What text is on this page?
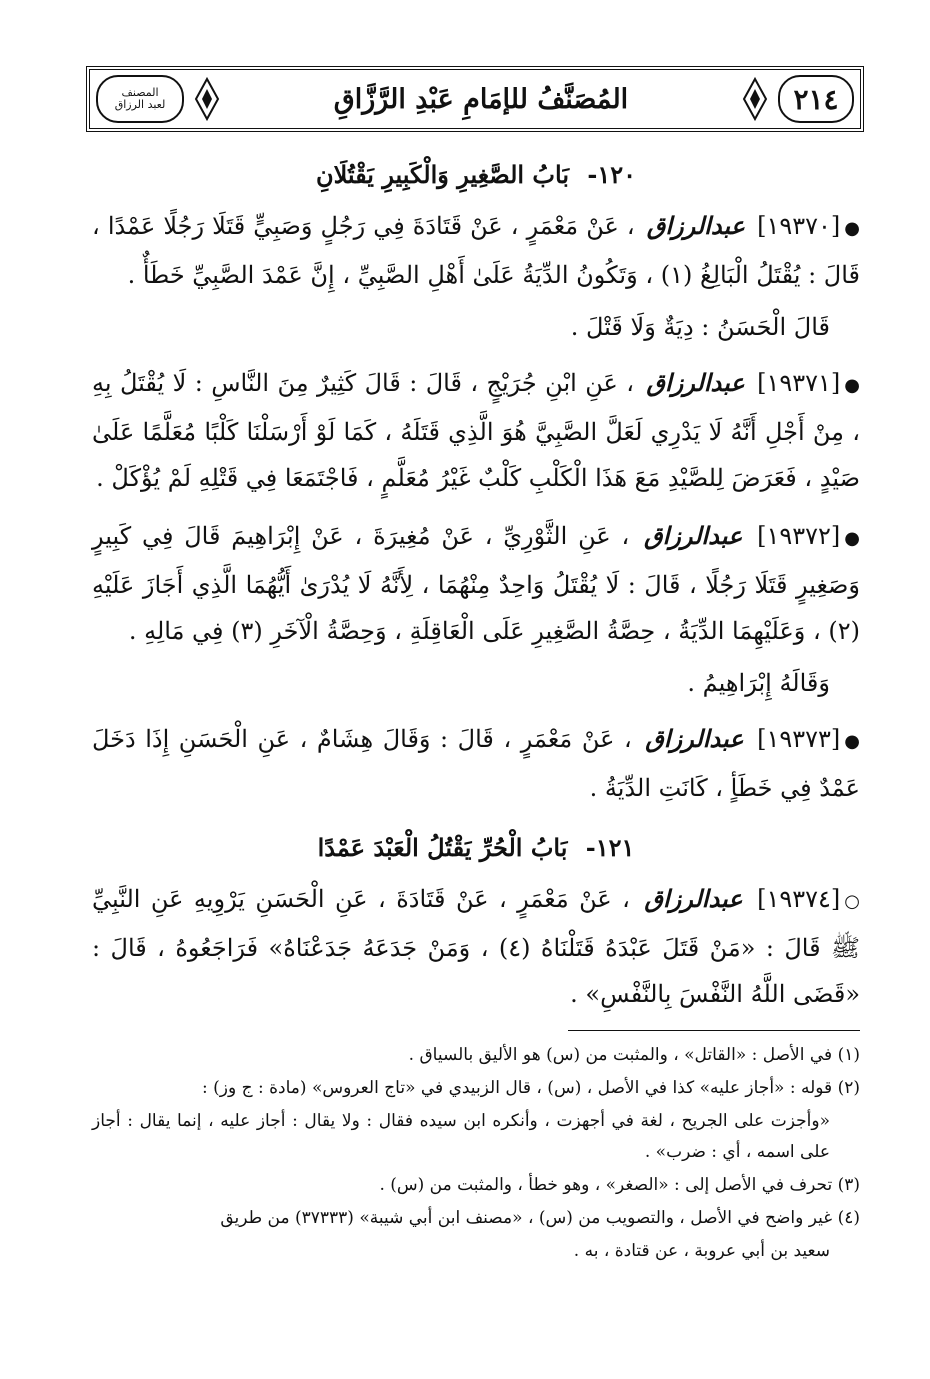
المصنف
لعبد الرزاق	المُصَنَّفُ للإمَامِ عَبْدِ الرَّزَّاقِ	٢١٤
١٢٠- بَابُ الصَّغِيرِ وَالْكَبِيرِ يَقْتُلَانِ

●[١٩٣٧٠] عبدالرزاق ، عَنْ مَعْمَرٍ ، عَنْ قَتَادَةَ فِي رَجُلٍ وَصَبِيٍّ قَتَلَا رَجُلًا عَمْدًا ، قَالَ : يُقْتَلُ الْبَالِغُ (١) ، وَتَكُونُ الدِّيَةُ عَلَىٰ أَهْلِ الصَّبِيِّ ، إِنَّ عَمْدَ الصَّبِيِّ خَطَأٌ .

قَالَ الْحَسَنُ : دِيَةٌ وَلَا قَتْلَ .

●[١٩٣٧١] عبدالرزاق ، عَنِ ابْنِ جُرَيْجٍ ، قَالَ : قَالَ كَثِيرٌ مِنَ النَّاسِ : لَا يُقْتَلُ بِهِ ، مِنْ أَجْلِ أَنَّهُ لَا يَدْرِي لَعَلَّ الصَّبِيَّ هُوَ الَّذِي قَتَلَهُ ، كَمَا لَوْ أَرْسَلْنَا كَلْبًا مُعَلَّمًا عَلَىٰ صَيْدٍ ، فَعَرَضَ لِلصَّيْدِ مَعَ هَذَا الْكَلْبِ كَلْبٌ غَيْرُ مُعَلَّمٍ ، فَاجْتَمَعَا فِي قَتْلِهِ لَمْ يُؤْكَلْ .

●[١٩٣٧٢] عبدالرزاق ، عَنِ الثَّوْرِيِّ ، عَنْ مُغِيرَةَ ، عَنْ إِبْرَاهِيمَ قَالَ فِي كَبِيرٍ وَصَغِيرٍ قَتَلَا رَجُلًا ، قَالَ : لَا يُقْتَلُ وَاحِدٌ مِنْهُمَا ، لِأَنَّهُ لَا يُدْرَىٰ أَيُّهُمَا الَّذِي أَجَازَ عَلَيْهِ (٢) ، وَعَلَيْهِمَا الدِّيَةُ ، حِصَّةُ الصَّغِيرِ عَلَى الْعَاقِلَةِ ، وَحِصَّةُ الْآخَرِ (٣) فِي مَالِهِ .

وَقَالَهُ إِبْرَاهِيمُ .

●[١٩٣٧٣] عبدالرزاق ، عَنْ مَعْمَرٍ ، قَالَ : وَقَالَ هِشَامٌ ، عَنِ الْحَسَنِ إِذَا دَخَلَ عَمْدٌ فِي خَطَأٍ ، كَانَتِ الدِّيَةُ .

١٢١- بَابُ الْحُرِّ يَقْتُلُ الْعَبْدَ عَمْدًا

○[١٩٣٧٤] عبدالرزاق ، عَنْ مَعْمَرٍ ، عَنْ قَتَادَةَ ، عَنِ الْحَسَنِ يَرْوِيهِ عَنِ النَّبِيِّ ﷺ قَالَ : «مَنْ قَتَلَ عَبْدَهُ قَتَلْنَاهُ (٤) ، وَمَنْ جَدَعَهُ جَدَعْنَاهُ» فَرَاجَعُوهُ ، قَالَ : «قَضَى اللَّهُ النَّفْسَ بِالنَّفْسِ» .

(١) في الأصل : «القاتل» ، والمثبت من (س) هو الأليق بالسياق .

(٢) قوله : «أجاز عليه» كذا في الأصل ، (س) ، قال الزبيدي في «تاج العروس» (مادة : ج وز) :

«وأجزت على الجريح ، لغة في أجهزت ، وأنكره ابن سيده فقال : ولا يقال : أجاز عليه ، إنما يقال : أجاز على اسمه ، أي : ضرب» .

(٣) تحرف في الأصل إلى : «الصغر» ، وهو خطأ ، والمثبت من (س) .

(٤) غير واضح في الأصل ، والتصويب من (س) ، «مصنف ابن أبي شيبة» (٣٧٣٣٣) من طريق

سعيد بن أبي عروبة ، عن قتادة ، به .
